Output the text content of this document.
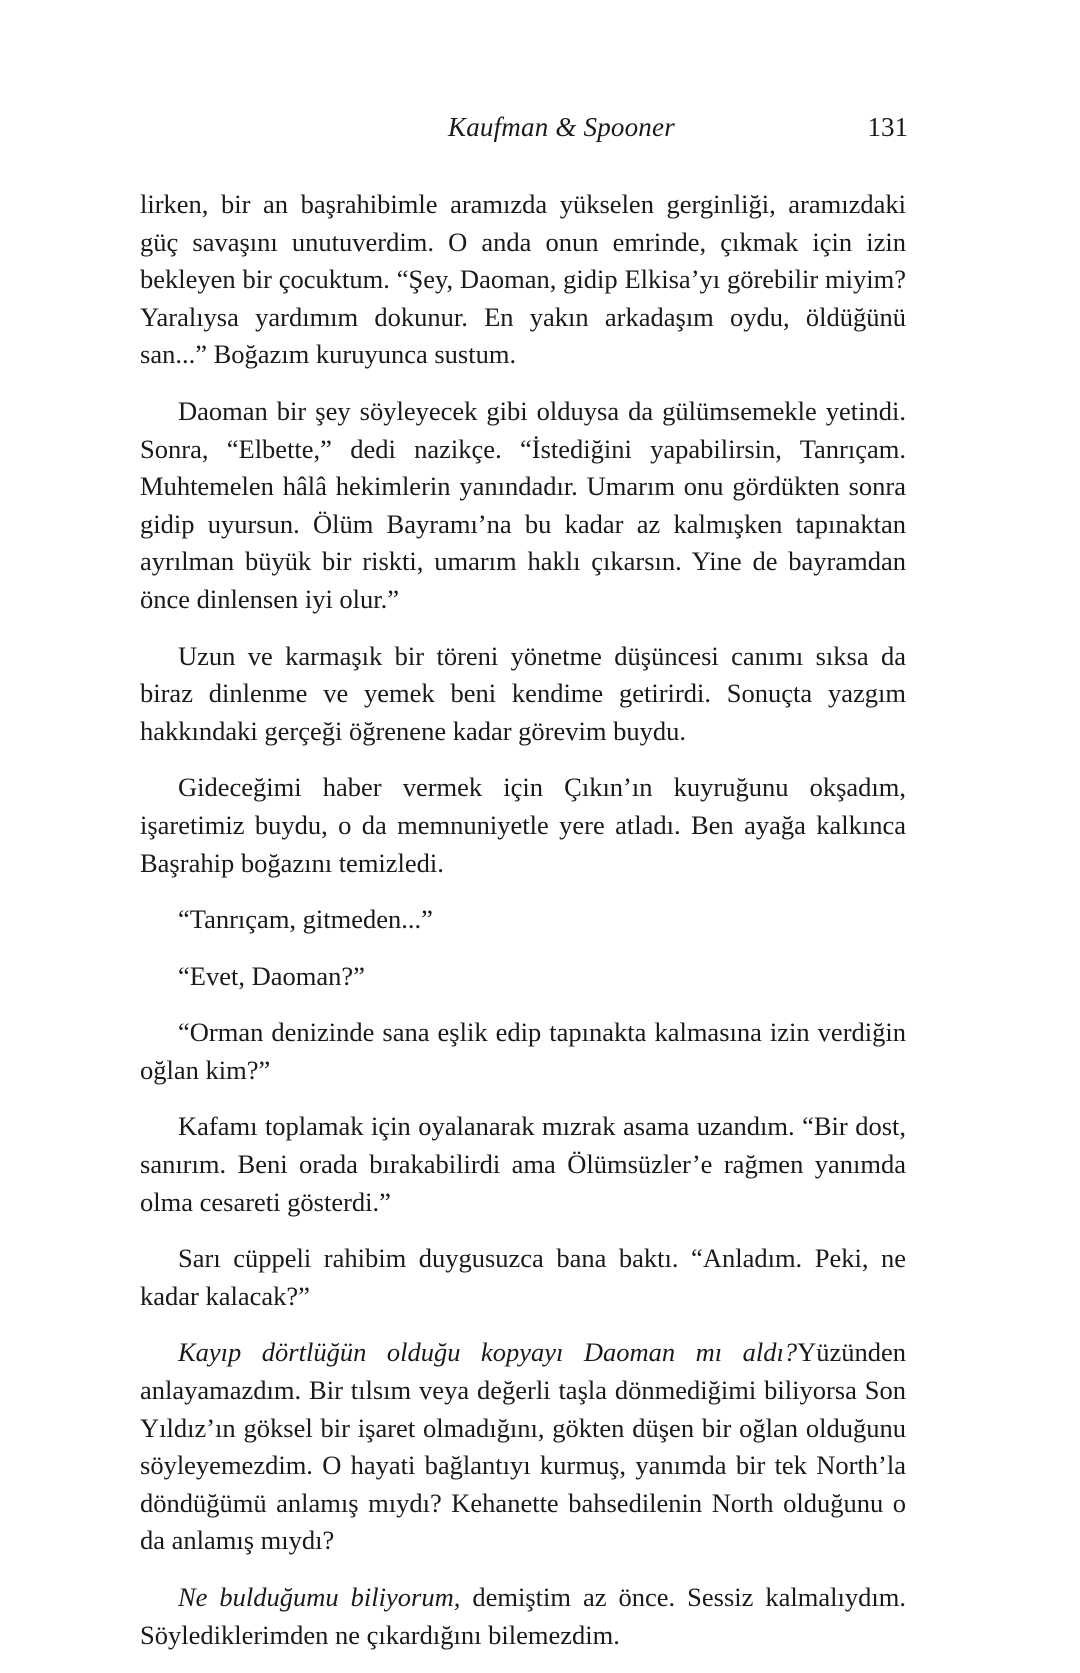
Kaufman & Spooner	131

lirken, bir an başrahibimle aramızda yükselen gerginliği, aramızdaki güç savaşını unutuverdim. O anda onun emrinde, çıkmak için izin bekleyen bir çocuktum. “Şey, Daoman, gidip Elkisa’yı görebilir miyim? Yaralıysa yardımım dokunur. En yakın arkadaşım oydu, öldüğünü san...” Boğazım kuruyunca sustum.

Daoman bir şey söyleyecek gibi olduysa da gülümsemekle yetindi. Sonra, “Elbette,” dedi nazikçe. “İstediğini yapabilirsin, Tanrıçam. Muhtemelen hâlâ hekimlerin yanındadır. Umarım onu gördükten sonra gidip uyursun. Ölüm Bayramı’na bu kadar az kalmışken tapınaktan ayrılman büyük bir riskti, umarım haklı çıkarsın. Yine de bayramdan önce dinlensen iyi olur.”

Uzun ve karmaşık bir töreni yönetme düşüncesi canımı sıksa da biraz dinlenme ve yemek beni kendime getirirdi. Sonuçta yazgım hakkındaki gerçeği öğrenene kadar görevim buydu.

Gideceğimi haber vermek için Çıkın’ın kuyruğunu okşadım, işaretimiz buydu, o da memnuniyetle yere atladı. Ben ayağa kalkınca Başrahip boğazını temizledi.

“Tanrıçam, gitmeden...”

“Evet, Daoman?”

“Orman denizinde sana eşlik edip tapınakta kalmasına izin verdiğin oğlan kim?”

Kafamı toplamak için oyalanarak mızrak asama uzandım. “Bir dost, sanırım. Beni orada bırakabilirdi ama Ölümsüzler’e rağmen yanımda olma cesareti gösterdi.”

Sarı cüppeli rahibim duygusuzca bana baktı. “Anladım. Peki, ne kadar kalacak?”

Kayıp dörtlüğün olduğu kopyayı Daoman mı aldı?Yüzünden anlayamazdım. Bir tılsım veya değerli taşla dönmediğimi biliyorsa Son Yıldız’ın göksel bir işaret olmadığını, gökten düşen bir oğlan olduğunu söyleyemezdim. O hayati bağlantıyı kurmuş, yanımda bir tek North’la döndüğümü anlamış mıydı? Kehanette bahsedilenin North olduğunu o da anlamış mıydı?

Ne bulduğumu biliyorum, demiştim az önce. Sessiz kalmalıydım. Söylediklerimden ne çıkardığını bilemezdim.
